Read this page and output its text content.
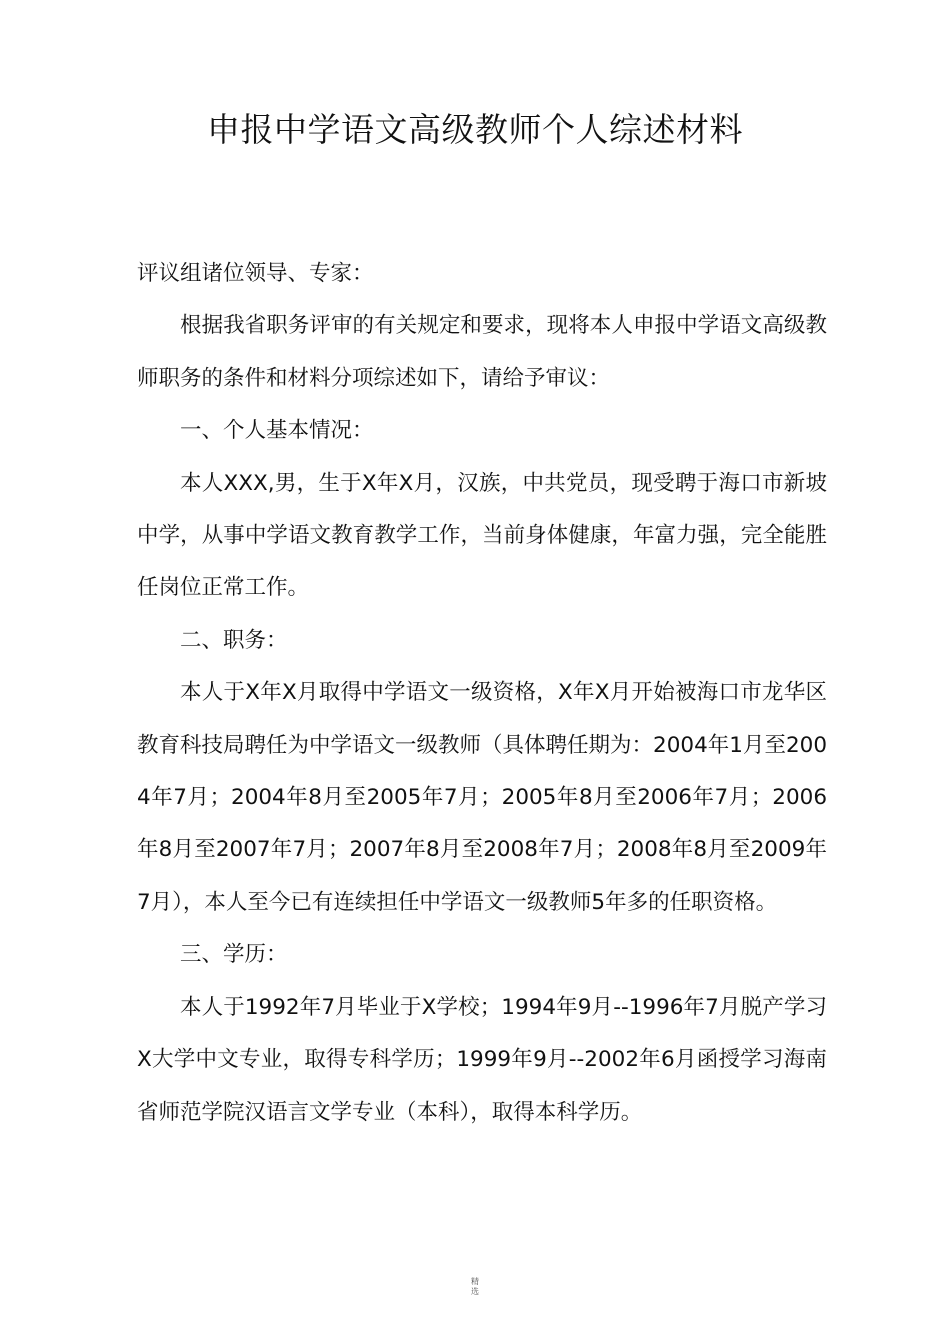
申报中学语文高级教师个人综述材料

评议组诸位领导、专家：

根据我省职务评审的有关规定和要求，现将本人申报中学语文高级教师职务的条件和材料分项综述如下，请给予审议：

一、个人基本情况：

本人XXX,男，生于X年X月，汉族，中共党员，现受聘于海口市新坡中学，从事中学语文教育教学工作，当前身体健康，年富力强，完全能胜任岗位正常工作。

二、职务：

本人于X年X月取得中学语文一级资格，X年X月开始被海口市龙华区教育科技局聘任为中学语文一级教师（具体聘任期为：2004年1月至2004年7月；2004年8月至2005年7月；2005年8月至2006年7月；2006年8月至2007年7月；2007年8月至2008年7月；2008年8月至2009年7月），本人至今已有连续担任中学语文一级教师5年多的任职资格。

三、学历：

本人于1992年7月毕业于X学校；1994年9月--1996年7月脱产学习X大学中文专业，取得专科学历；1999年9月--2002年6月函授学习海南省师范学院汉语言文学专业（本科），取得本科学历。

精
选
